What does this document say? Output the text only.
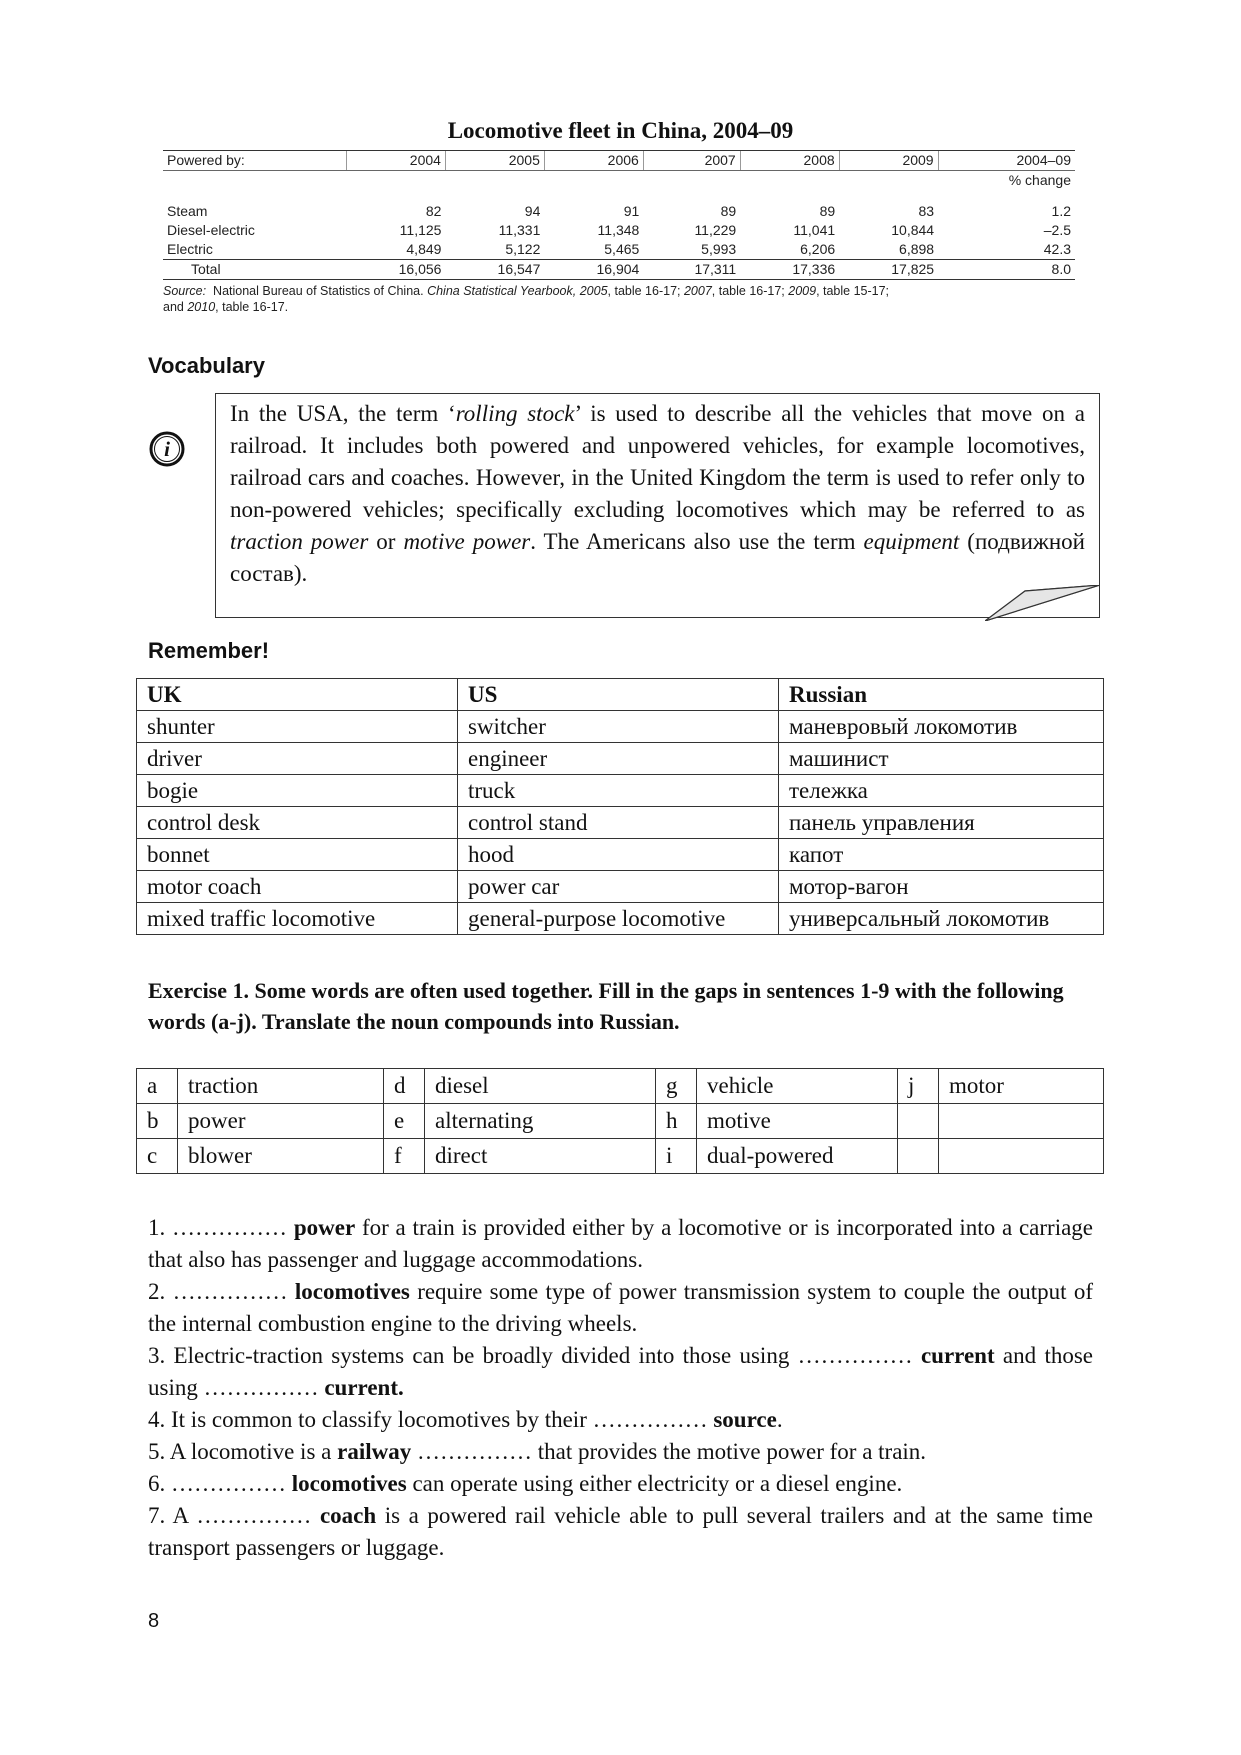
Locomotive fleet in China, 2004–09
Powered by:	2004	2005	2006	2007	2008	2009	2004–09
							% change

Steam	82	94	91	89	89	83	1.2
Diesel-electric	11,125	11,331	11,348	11,229	11,041	10,844	–2.5
Electric	4,849	5,122	5,465	5,993	6,206	6,898	42.3
Total	16,056	16,547	16,904	17,311	17,336	17,825	8.0
Source: National Bureau of Statistics of China. China Statistical Yearbook, 2005, table 16-17; 2007, table 16-17; 2009, table 15-17;
and 2010, table 16-17.
Vocabulary
i
In the USA, the term ‘rolling stock’ is used to describe all the vehicles that move on a railroad. It includes both powered and unpowered vehicles, for example locomotives, railroad cars and coaches. However, in the United Kingdom the term is used to refer only to non-powered vehicles; specifically excluding locomotives which may be referred to as traction power or motive power. The Americans also use the term equipment (подвижной состав).
Remember!
UK	US	Russian
shunter	switcher	маневровый локомотив
driver	engineer	машинист
bogie	truck	тележка
control desk	control stand	панель управления
bonnet	hood	капот
motor coach	power car	мотор-вагон
mixed traffic locomotive	general-purpose locomotive	универсальный локомотив
Exercise 1. Some words are often used together. Fill in the gaps in sentences 1-9 with the following words (a-j). Translate the noun compounds into Russian.
a	traction	d	diesel	g	vehicle	j	motor
b	power	e	alternating	h	motive		
c	blower	f	direct	i	dual-powered		

1. …………… power for a train is provided either by a locomotive or is incorporated into a carriage that also has passenger and luggage accommodations.

2. …………… locomotives require some type of power transmission system to couple the output of the internal combustion engine to the driving wheels.

3. Electric-traction systems can be broadly divided into those using …………… current and those using …………… current.

4. It is common to classify locomotives by their …………… source.

5. A locomotive is a railway …………… that provides the motive power for a train.

6. …………… locomotives can operate using either electricity or a diesel engine.

7. A …………… coach is a powered rail vehicle able to pull several trailers and at the same time transport passengers or luggage.

8
